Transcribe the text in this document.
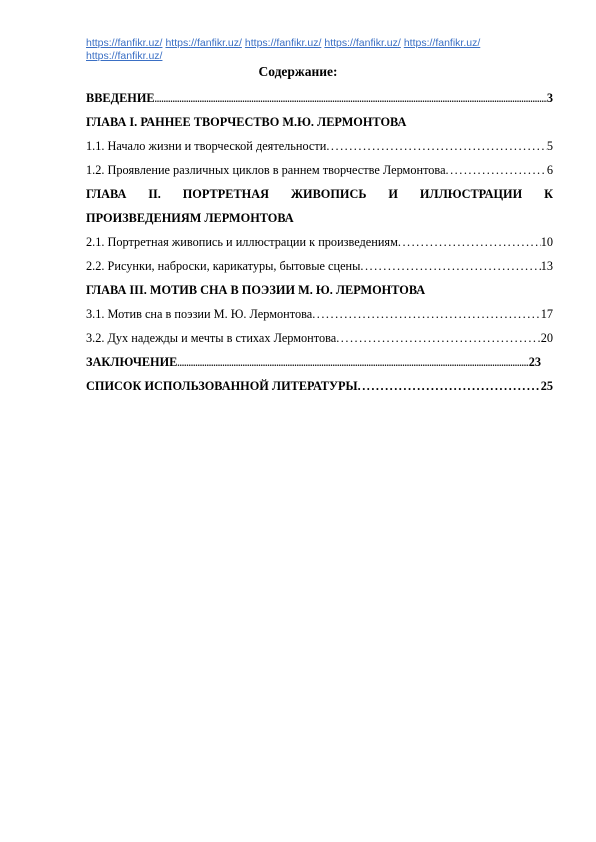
https://fanfikr.uz/ https://fanfikr.uz/ https://fanfikr.uz/ https://fanfikr.uz/ https://fanfikr.uz/
https://fanfikr.uz/
Содержание:
ВВЕДЕНИЕ .....	3
ГЛАВА I. РАННЕЕ ТВОРЧЕСТВО М.Ю. ЛЕРМОНТОВА
1.1. Начало жизни и творческой деятельности .....	5
1.2. Проявление различных циклов в раннем творчестве Лермонтова .....	6
ГЛАВА II. ПОРТРЕТНАЯ ЖИВОПИСЬ И ИЛЛЮСТРАЦИИ К ПРОИЗВЕДЕНИЯМ ЛЕРМОНТОВА
2.1. Портретная живопись и иллюстрации к произведениям .....	10
2.2. Рисунки, наброски, карикатуры, бытовые сцены .....	13
ГЛАВА III. МОТИВ СНА В ПОЭЗИИ М. Ю. ЛЕРМОНТОВА
3.1. Мотив сна в поэзии М. Ю. Лермонтова .....	17
3.2. Дух надежды и мечты в стихах Лермонтова .....	20
ЗАКЛЮЧЕНИЕ .....	23
СПИСОК ИСПОЛЬЗОВАННОЙ ЛИТЕРАТУРЫ .....	25
